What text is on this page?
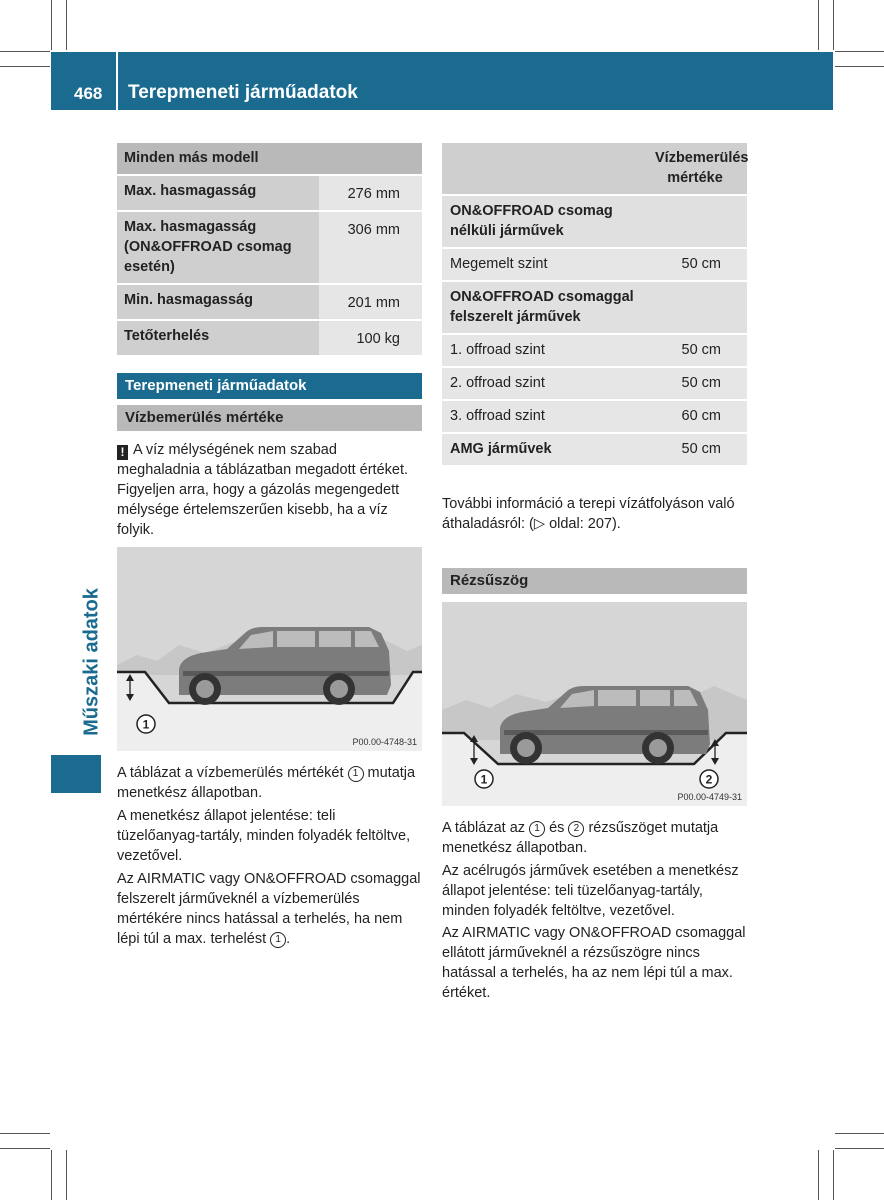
468 Terepmeneti járműadatok
Műszaki adatok
Minden más modell	
Max. hasmagasság	276 mm
Max. hasmagasság (ON&OFFROAD csomag esetén)	306 mm
Min. hasmagasság	201 mm
Tetőterhelés	100 kg
Terepmeneti járműadatok
Vízbemerülés mértéke
! A víz mélységének nem szabad meghaladnia a táblázatban megadott értéket. Figyeljen arra, hogy a gázolás megengedett mélysége értelemszerűen kisebb, ha a víz folyik.
1
P00.00-4748-31
A táblázat a vízbemerülés mértékét 1 mutatja menetkész állapotban.
A menetkész állapot jelentése: teli tüzelőanyag-tartály, minden folyadék feltöltve, vezetővel.
Az AIRMATIC vagy ON&OFFROAD csomaggal felszerelt járműveknél a vízbemerülés mértékére nincs hatással a terhelés, ha nem lépi túl a max. terhelést 1 .

	Vízbemerülés mértéke

ON&OFFROAD csomag nélküli járművek	
Megemelt szint	50 cm
ON&OFFROAD csomaggal felszerelt járművek	
1. offroad szint	50 cm
2. offroad szint	50 cm
3. offroad szint	60 cm
AMG járművek	50 cm
További információ a terepi vízátfolyáson való áthaladásról: (▷ oldal: 207).
Rézsűszög
1	2
P00.00-4749-31
A táblázat az 1 és 2 rézsűszöget mutatja menetkész állapotban.
Az acélrugós járművek esetében a menetkész állapot jelentése: teli tüzelőanyag-tartály, minden folyadék feltöltve, vezetővel.
Az AIRMATIC vagy ON&OFFROAD csomaggal ellátott járműveknél a rézsűszögre nincs hatással a terhelés, ha az nem lépi túl a max. értéket.
